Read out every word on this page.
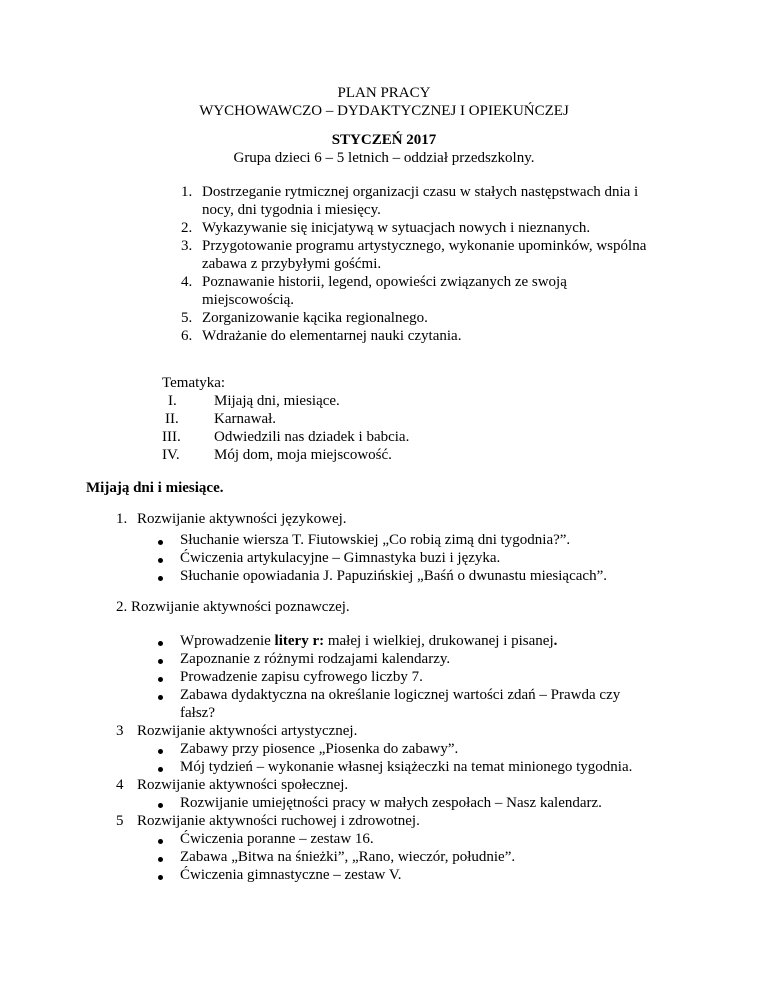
PLAN PRACY
WYCHOWAWCZO – DYDAKTYCZNEJ I OPIEKUŃCZEJ
STYCZEŃ 2017
Grupa dzieci 6 – 5 letnich – oddział przedszkolny.
1. Dostrzeganie rytmicznej organizacji czasu w stałych następstwach dnia i
nocy, dni tygodnia i miesięcy.
2. Wykazywanie się inicjatywą w sytuacjach nowych i nieznanych.
3. Przygotowanie programu artystycznego, wykonanie upominków, wspólna
zabawa z przybyłymi gośćmi.
4. Poznawanie historii, legend, opowieści związanych ze swoją
miejscowością.
5. Zorganizowanie kącika regionalnego.
6. Wdrażanie do elementarnej nauki czytania.
Tematyka:
I. Mijają dni, miesiące.
II. Karnawał.
III. Odwiedzili nas dziadek i babcia.
IV. Mój dom, moja miejscowość.
Mijają dni i miesiące.
1. Rozwijanie aktywności językowej.
Słuchanie wiersza T. Fiutowskiej „Co robią zimą dni tygodnia?”.
Ćwiczenia artykulacyjne – Gimnastyka buzi i języka.
Słuchanie opowiadania J. Papuzińskiej „Baśń o dwunastu miesiącach”.
2. Rozwijanie aktywności poznawczej.
Wprowadzenie litery r: małej i wielkiej, drukowanej i pisanej.
Zapoznanie z różnymi rodzajami kalendarzy.
Prowadzenie zapisu cyfrowego liczby 7.
Zabawa dydaktyczna na określanie logicznej wartości zdań – Prawda czy
fałsz?
3 Rozwijanie aktywności artystycznej.
Zabawy przy piosence „Piosenka do zabawy”.
Mój tydzień – wykonanie własnej książeczki na temat minionego tygodnia.
4 Rozwijanie aktywności społecznej.
Rozwijanie umiejętności pracy w małych zespołach – Nasz kalendarz.
5 Rozwijanie aktywności ruchowej i zdrowotnej.
Ćwiczenia poranne – zestaw 16.
Zabawa „Bitwa na śnieżki”, „Rano, wieczór, południe”.
Ćwiczenia gimnastyczne – zestaw V.
